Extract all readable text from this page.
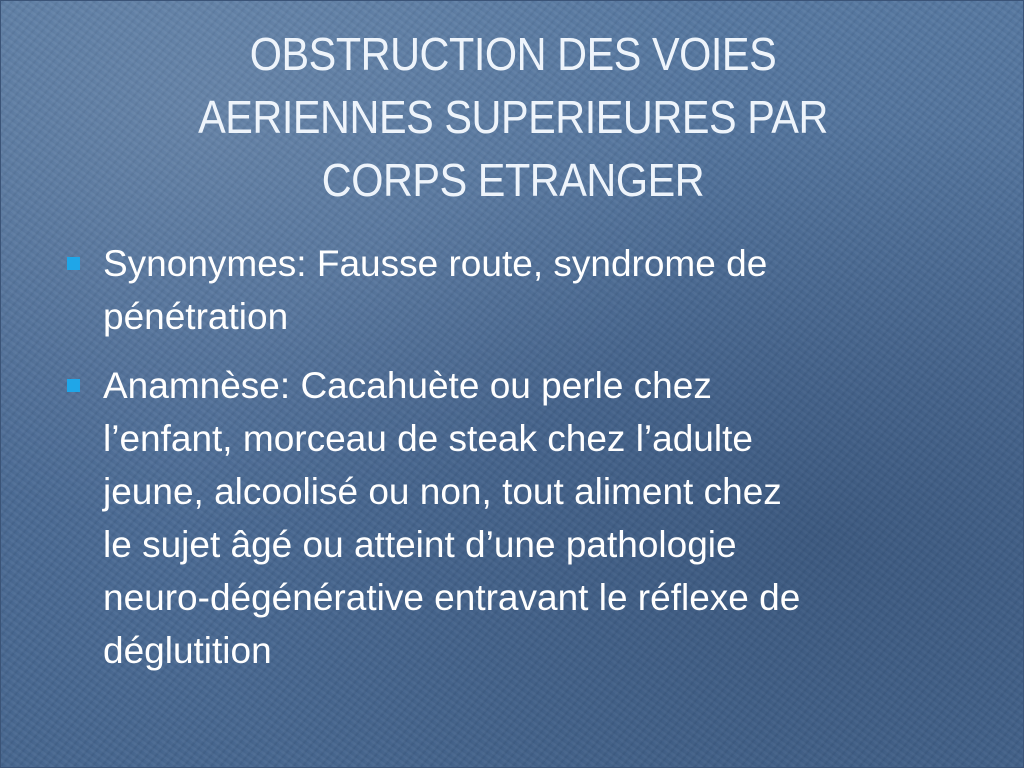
OBSTRUCTION DES VOIES
AERIENNES SUPERIEURES PAR
CORPS ETRANGER
Synonymes: Fausse route, syndrome de
pénétration
Anamnèse: Cacahuète ou perle chez
l’enfant, morceau de steak chez l’adulte
jeune, alcoolisé ou non, tout aliment chez
le sujet âgé ou atteint d’une pathologie
neuro-dégénérative entravant le réflexe de
déglutition
